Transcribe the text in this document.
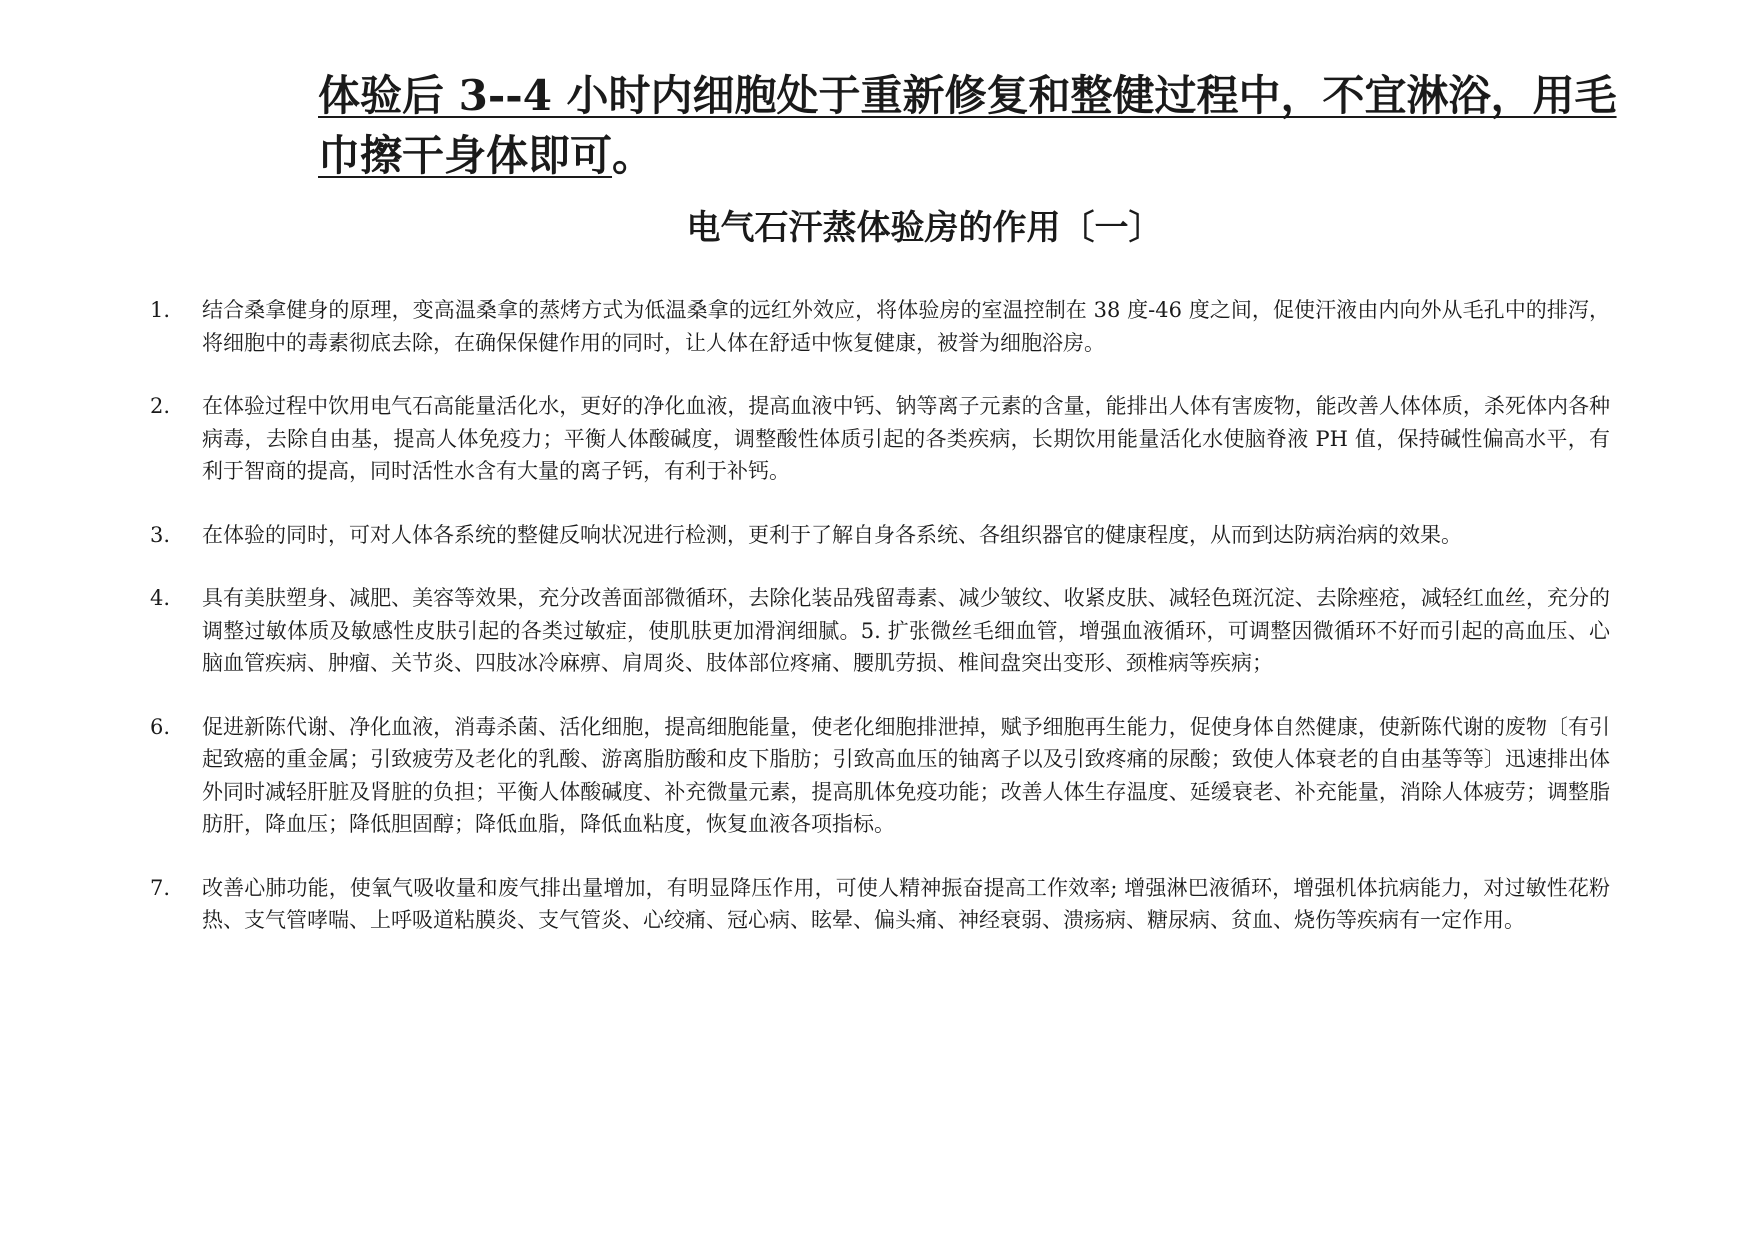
体验后 3--4 小时内细胞处于重新修复和整健过程中，不宜淋浴，用毛巾擦干身体即可。

电气石汗蒸体验房的作用〔一〕
1. 结合桑拿健身的原理，变高温桑拿的蒸烤方式为低温桑拿的远红外效应，将体验房的室温控制在 38 度-46 度之间，促使汗液由内向外从毛孔中的排泻，将细胞中的毒素彻底去除，在确保保健作用的同时，让人体在舒适中恢复健康，被誉为细胞浴房。
2. 在体验过程中饮用电气石高能量活化水，更好的净化血液，提高血液中钙、钠等离子元素的含量，能排出人体有害废物，能改善人体体质，杀死体内各种病毒，去除自由基，提高人体免疫力；平衡人体酸碱度，调整酸性体质引起的各类疾病，长期饮用能量活化水使脑脊液 PH 值，保持碱性偏高水平，有利于智商的提高，同时活性水含有大量的离子钙，有利于补钙。
3. 在体验的同时，可对人体各系统的整健反响状况进行检测，更利于了解自身各系统、各组织器官的健康程度，从而到达防病治病的效果。
4. 具有美肤塑身、减肥、美容等效果，充分改善面部微循环，去除化装品残留毒素、减少皱纹、收紧皮肤、减轻色斑沉淀、去除痤疮，减轻红血丝，充分的调整过敏体质及敏感性皮肤引起的各类过敏症，使肌肤更加滑润细腻。5. 扩张微丝毛细血管，增强血液循环，可调整因微循环不好而引起的高血压、心脑血管疾病、肿瘤、关节炎、四肢冰冷麻痹、肩周炎、肢体部位疼痛、腰肌劳损、椎间盘突出变形、颈椎病等疾病；
6. 促进新陈代谢、净化血液，消毒杀菌、活化细胞，提高细胞能量，使老化细胞排泄掉，赋予细胞再生能力，促使身体自然健康，使新陈代谢的废物〔有引起致癌的重金属；引致疲劳及老化的乳酸、游离脂肪酸和皮下脂肪；引致高血压的铀离子以及引致疼痛的尿酸；致使人体衰老的自由基等等〕迅速排出体外同时减轻肝脏及肾脏的负担；平衡人体酸碱度、补充微量元素，提高肌体免疫功能；改善人体生存温度、延缓衰老、补充能量，消除人体疲劳；调整脂肪肝，降血压；降低胆固醇；降低血脂，降低血粘度，恢复血液各项指标。
7. 改善心肺功能，使氧气吸收量和废气排出量增加，有明显降压作用，可使人精神振奋提高工作效率; 增强淋巴液循环，增强机体抗病能力，对过敏性花粉热、支气管哮喘、上呼吸道粘膜炎、支气管炎、心绞痛、冠心病、眩晕、偏头痛、神经衰弱、溃疡病、糖尿病、贫血、烧伤等疾病有一定作用。
